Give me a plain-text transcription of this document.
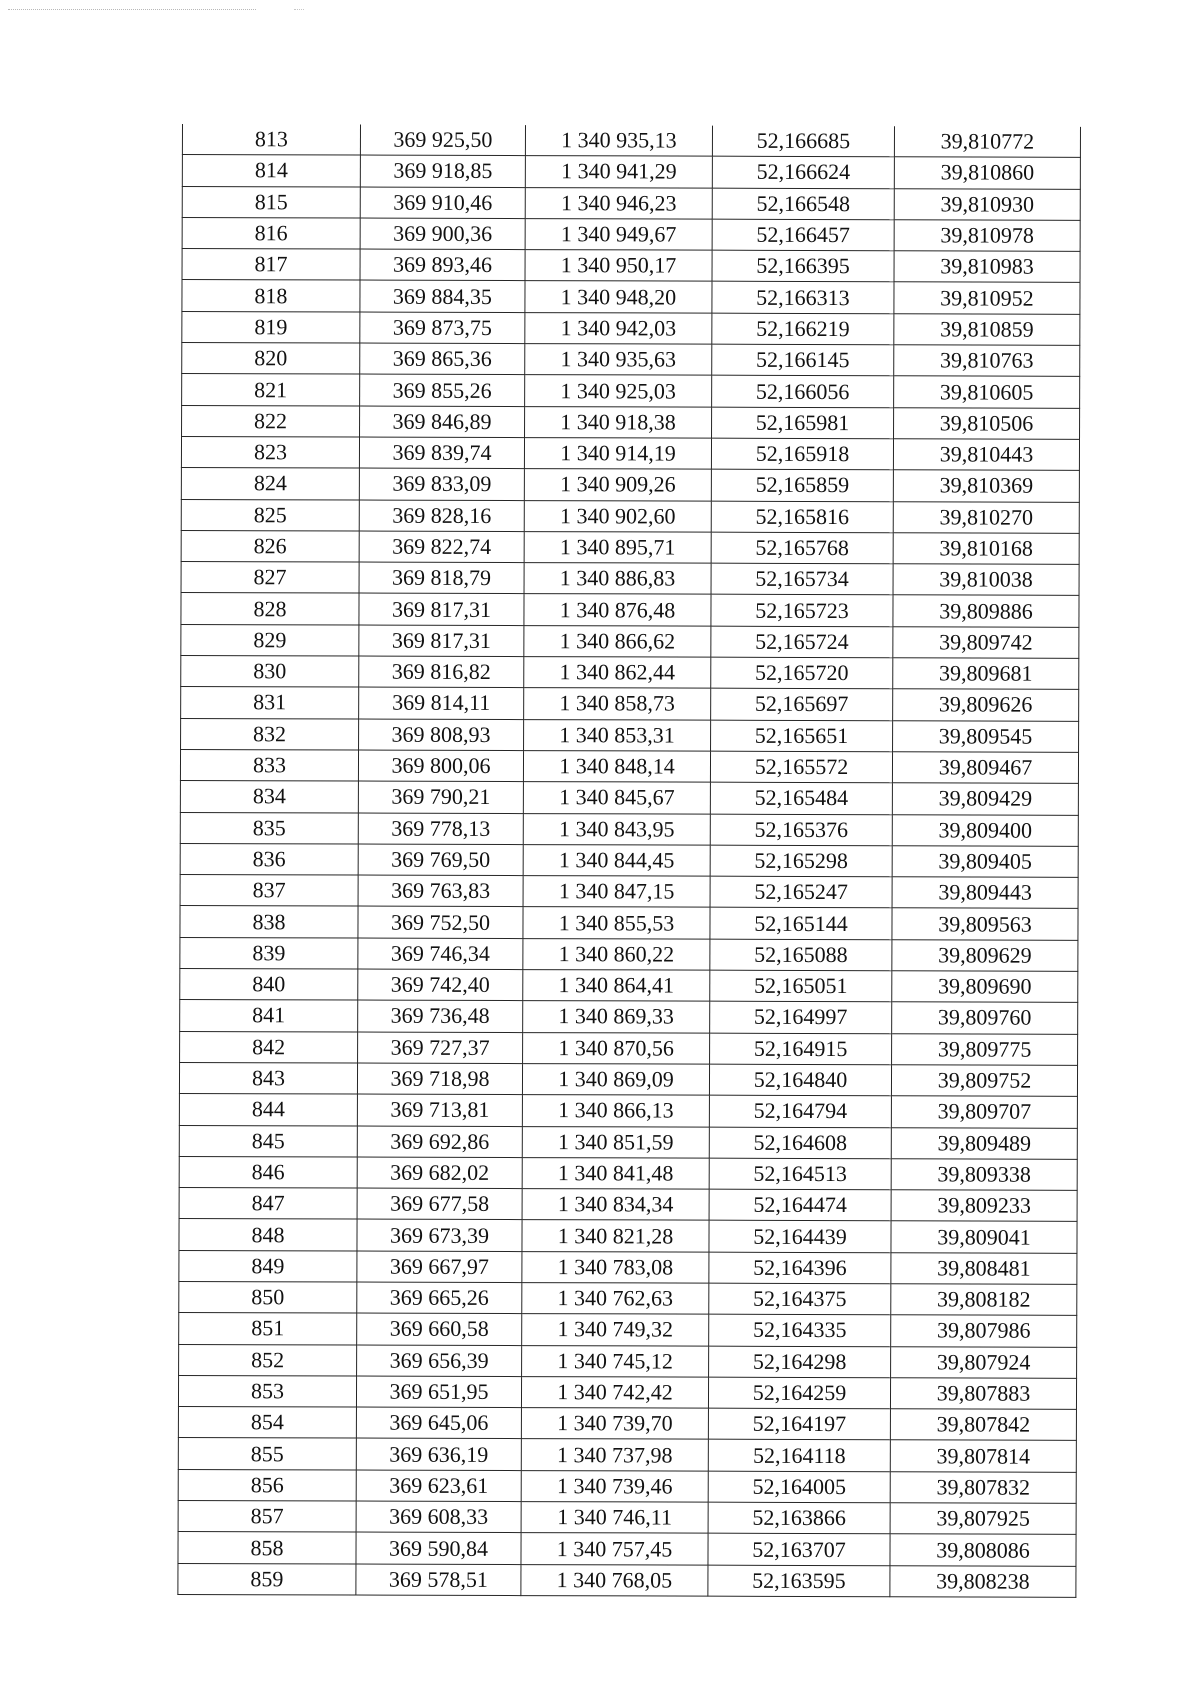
813	369 925,50	1 340 935,13	52,166685	39,810772
814	369 918,85	1 340 941,29	52,166624	39,810860
815	369 910,46	1 340 946,23	52,166548	39,810930
816	369 900,36	1 340 949,67	52,166457	39,810978
817	369 893,46	1 340 950,17	52,166395	39,810983
818	369 884,35	1 340 948,20	52,166313	39,810952
819	369 873,75	1 340 942,03	52,166219	39,810859
820	369 865,36	1 340 935,63	52,166145	39,810763
821	369 855,26	1 340 925,03	52,166056	39,810605
822	369 846,89	1 340 918,38	52,165981	39,810506
823	369 839,74	1 340 914,19	52,165918	39,810443
824	369 833,09	1 340 909,26	52,165859	39,810369
825	369 828,16	1 340 902,60	52,165816	39,810270
826	369 822,74	1 340 895,71	52,165768	39,810168
827	369 818,79	1 340 886,83	52,165734	39,810038
828	369 817,31	1 340 876,48	52,165723	39,809886
829	369 817,31	1 340 866,62	52,165724	39,809742
830	369 816,82	1 340 862,44	52,165720	39,809681
831	369 814,11	1 340 858,73	52,165697	39,809626
832	369 808,93	1 340 853,31	52,165651	39,809545
833	369 800,06	1 340 848,14	52,165572	39,809467
834	369 790,21	1 340 845,67	52,165484	39,809429
835	369 778,13	1 340 843,95	52,165376	39,809400
836	369 769,50	1 340 844,45	52,165298	39,809405
837	369 763,83	1 340 847,15	52,165247	39,809443
838	369 752,50	1 340 855,53	52,165144	39,809563
839	369 746,34	1 340 860,22	52,165088	39,809629
840	369 742,40	1 340 864,41	52,165051	39,809690
841	369 736,48	1 340 869,33	52,164997	39,809760
842	369 727,37	1 340 870,56	52,164915	39,809775
843	369 718,98	1 340 869,09	52,164840	39,809752
844	369 713,81	1 340 866,13	52,164794	39,809707
845	369 692,86	1 340 851,59	52,164608	39,809489
846	369 682,02	1 340 841,48	52,164513	39,809338
847	369 677,58	1 340 834,34	52,164474	39,809233
848	369 673,39	1 340 821,28	52,164439	39,809041
849	369 667,97	1 340 783,08	52,164396	39,808481
850	369 665,26	1 340 762,63	52,164375	39,808182
851	369 660,58	1 340 749,32	52,164335	39,807986
852	369 656,39	1 340 745,12	52,164298	39,807924
853	369 651,95	1 340 742,42	52,164259	39,807883
854	369 645,06	1 340 739,70	52,164197	39,807842
855	369 636,19	1 340 737,98	52,164118	39,807814
856	369 623,61	1 340 739,46	52,164005	39,807832
857	369 608,33	1 340 746,11	52,163866	39,807925
858	369 590,84	1 340 757,45	52,163707	39,808086
859	369 578,51	1 340 768,05	52,163595	39,808238
